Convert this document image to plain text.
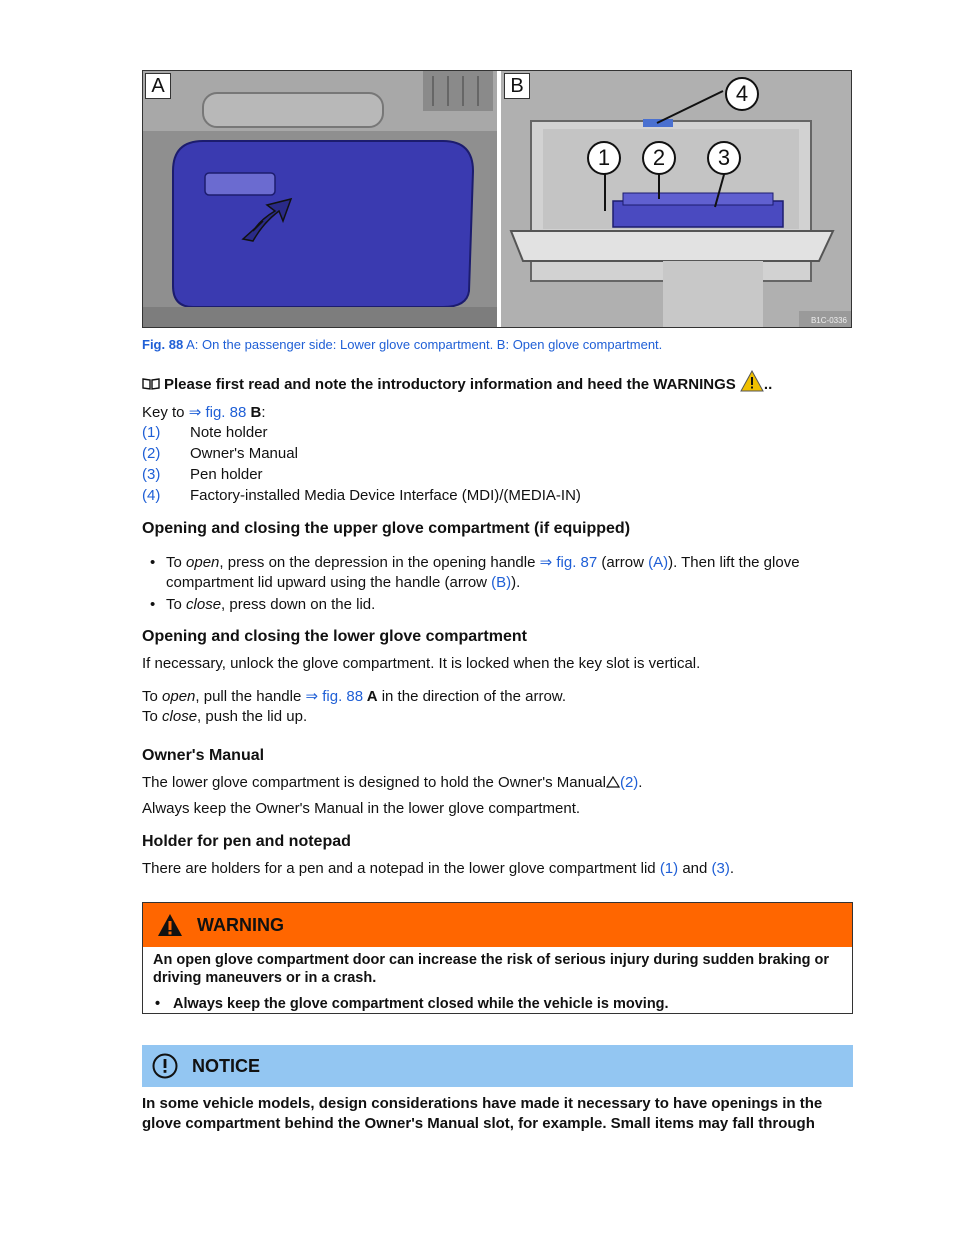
A	B
1	2	3
4
B1C-0336
Fig. 88 A: On the passenger side: Lower glove compartment. B: Open glove compartment.
Please first read and note the introductory information and heed the WARNINGS ..
Key to ⇒ fig. 88 B:
(1)	Note holder
(2)	Owner's Manual
(3)	Pen holder
(4)	Factory-installed Media Device Interface (MDI)/(MEDIA-IN)
Opening and closing the upper glove compartment (if equipped)
• To open, press on the depression in the opening handle ⇒ fig. 87 (arrow (A)). Then lift the glove compartment lid upward using the handle (arrow (B)).
• To close, press down on the lid.
Opening and closing the lower glove compartment
If necessary, unlock the glove compartment. It is locked when the key slot is vertical.
To open, pull the handle ⇒ fig. 88 A in the direction of the arrow.
To close, push the lid up.
Owner's Manual
The lower glove compartment is designed to hold the Owner's Manual (2).
Always keep the Owner's Manual in the lower glove compartment.
Holder for pen and notepad
There are holders for a pen and a notepad in the lower glove compartment lid (1) and (3).
WARNING
An open glove compartment door can increase the risk of serious injury during sudden braking or driving maneuvers or in a crash.
• Always keep the glove compartment closed while the vehicle is moving.
NOTICE
In some vehicle models, design considerations have made it necessary to have openings in the glove compartment behind the Owner's Manual slot, for example. Small items may fall through
